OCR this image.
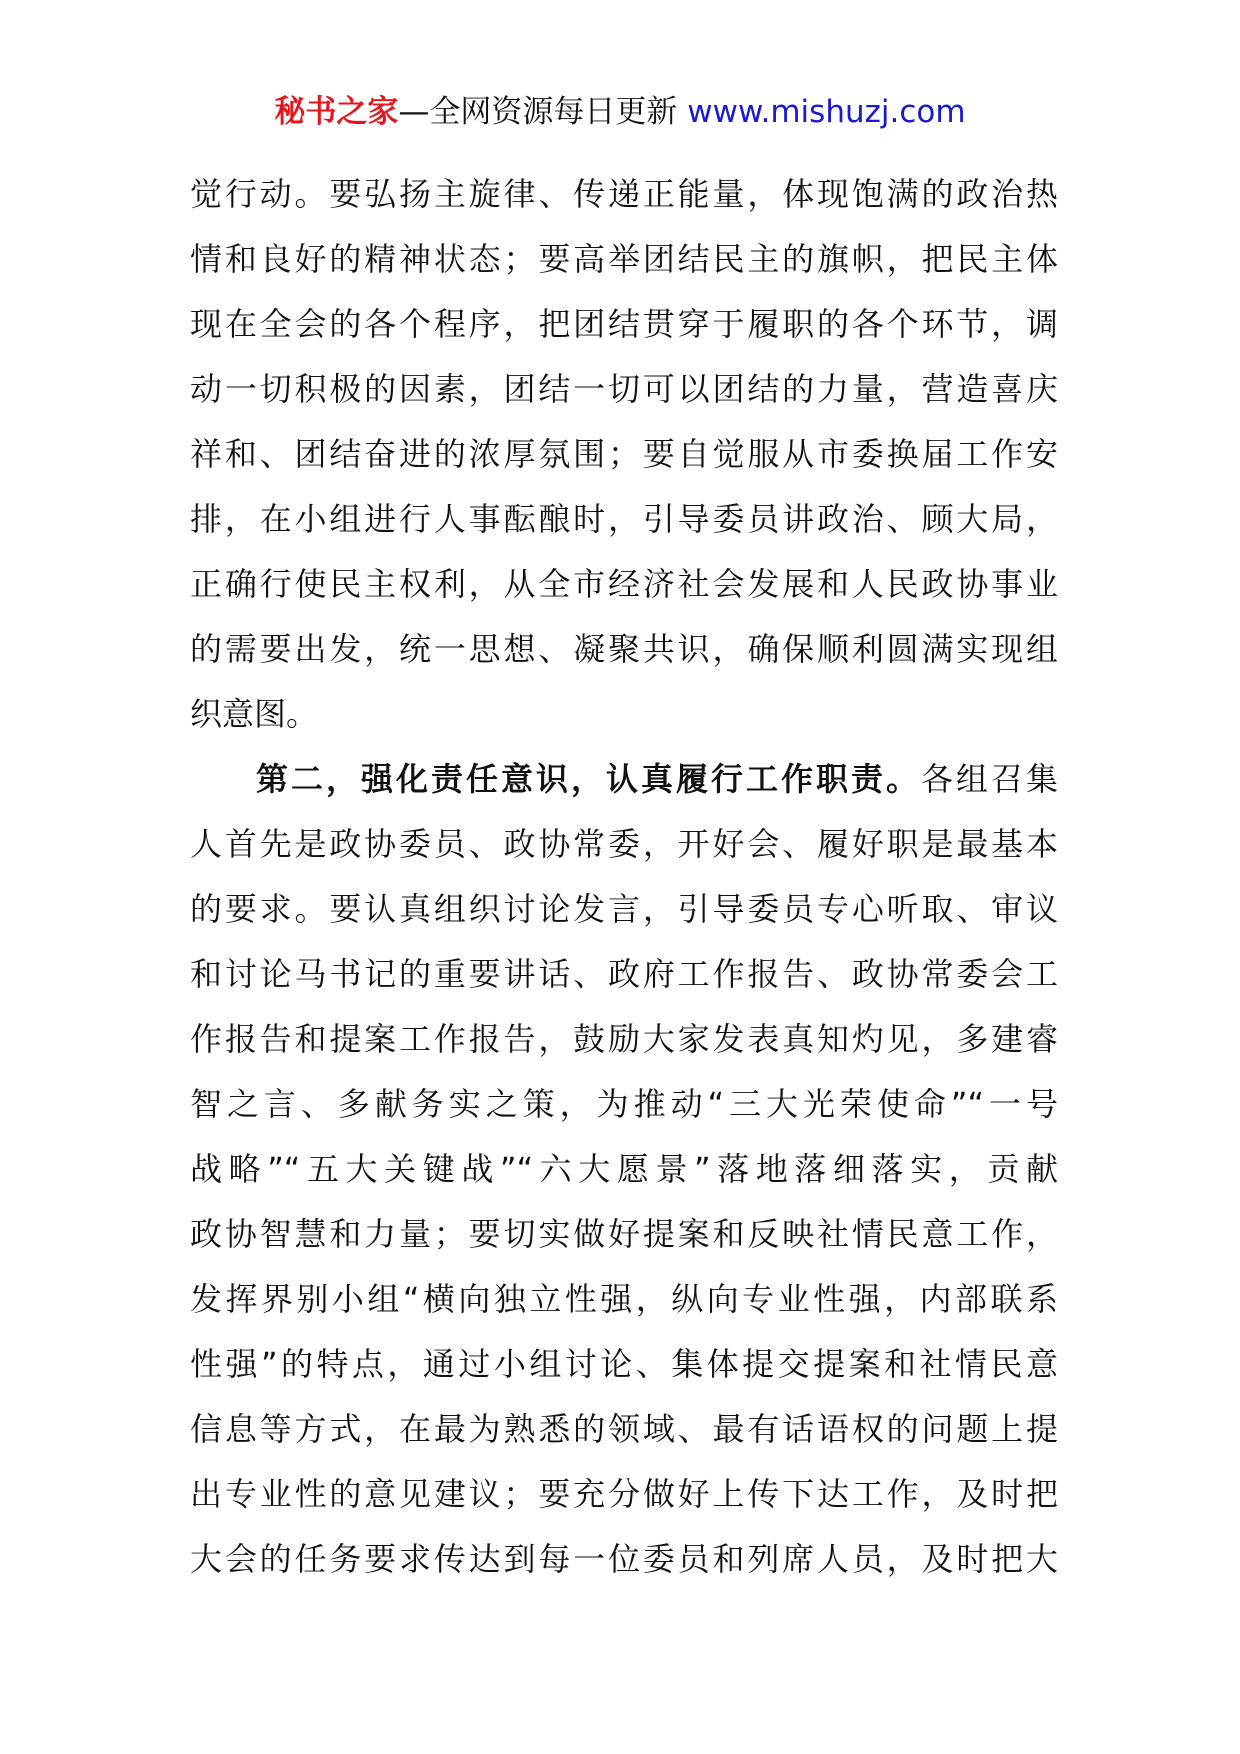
秘书之家—全网资源每日更新 www.mishuzj.com
觉行动。要弘扬主旋律、传递正能量，体现饱满的政治热
情和良好的精神状态；要高举团结民主的旗帜，把民主体
现在全会的各个程序，把团结贯穿于履职的各个环节，调
动一切积极的因素，团结一切可以团结的力量，营造喜庆
祥和、团结奋进的浓厚氛围；要自觉服从市委换届工作安
排，在小组进行人事酝酿时，引导委员讲政治、顾大局，
正确行使民主权利，从全市经济社会发展和人民政协事业
的需要出发，统一思想、凝聚共识，确保顺利圆满实现组
织意图。
第二，强化责任意识，认真履行工作职责。各组召集
人首先是政协委员、政协常委，开好会、履好职是最基本
的要求。要认真组织讨论发言，引导委员专心听取、审议
和讨论马书记的重要讲话、政府工作报告、政协常委会工
作报告和提案工作报告，鼓励大家发表真知灼见，多建睿
智之言、多献务实之策，为推动“三大光荣使命”“一号
战略”“五大关键战”“六大愿景”落地落细落实，贡献
政协智慧和力量；要切实做好提案和反映社情民意工作，
发挥界别小组“横向独立性强，纵向专业性强，内部联系
性强”的特点，通过小组讨论、集体提交提案和社情民意
信息等方式，在最为熟悉的领域、最有话语权的问题上提
出专业性的意见建议；要充分做好上传下达工作，及时把
大会的任务要求传达到每一位委员和列席人员，及时把大
